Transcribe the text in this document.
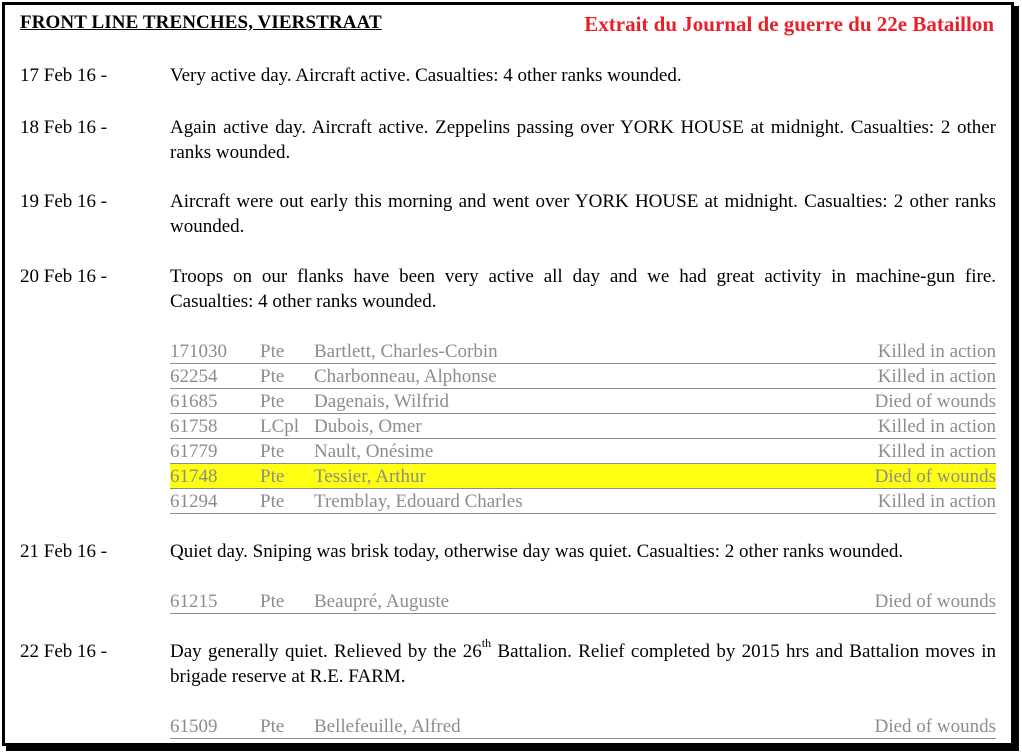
FRONT LINE TRENCHES, VIERSTRAAT	Extrait du Journal de guerre du 22e Bataillon
17 Feb 16 -	Very active day. Aircraft active. Casualties: 4 other ranks wounded.
18 Feb 16 -	Again active day. Aircraft active. Zeppelins passing over YORK HOUSE at midnight. Casualties: 2 other ranks wounded.
19 Feb 16 -	Aircraft were out early this morning and went over YORK HOUSE at midnight. Casualties: 2 other ranks wounded.
20 Feb 16 -	Troops on our flanks have been very active all day and we had great activity in machine-gun fire. Casualties: 4 other ranks wounded.
171030 Pte Bartlett, Charles-Corbin	Killed in action
62254 Pte Charbonneau, Alphonse	Killed in action
61685 Pte Dagenais, Wilfrid	Died of wounds
61758 LCpl Dubois, Omer	Killed in action
61779 Pte Nault, Onésime	Killed in action
61748 Pte Tessier, Arthur	Died of wounds
61294 Pte Tremblay, Edouard Charles	Killed in action
21 Feb 16 -	Quiet day. Sniping was brisk today, otherwise day was quiet. Casualties: 2 other ranks wounded.
61215 Pte Beaupré, Auguste	Died of wounds
22 Feb 16 -	Day generally quiet. Relieved by the 26th Battalion. Relief completed by 2015 hrs and Battalion moves in brigade reserve at R.E. FARM.
61509 Pte Bellefeuille, Alfred	Died of wounds
